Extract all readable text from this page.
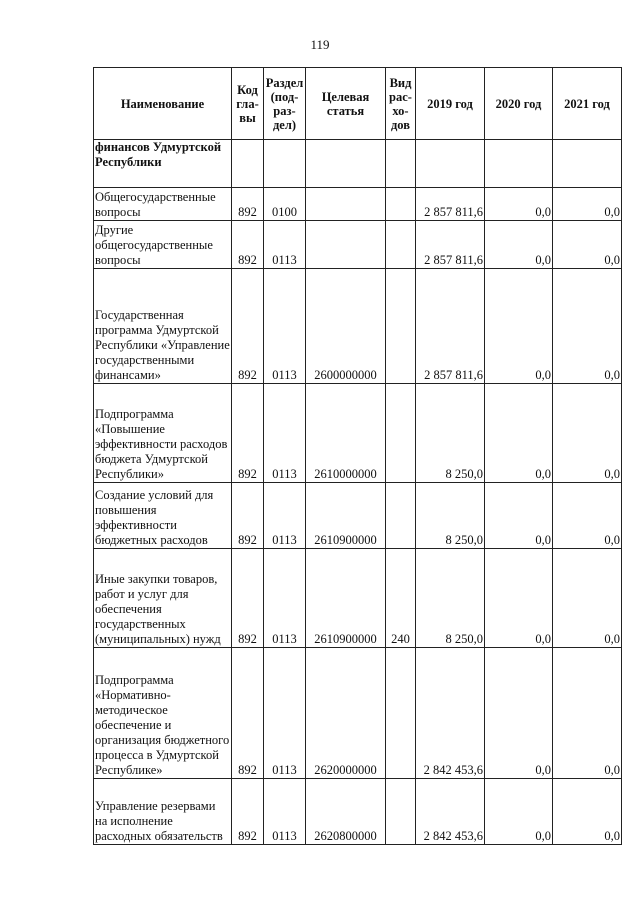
119
Наименование	Код гла- вы	Раздел (под- раз- дел)	Целевая статья	Вид рас- хо- дов	2019 год	2020 год	2021 год
финансов Удмуртской Республики							
Общегосударственные вопросы	892	0100			2 857 811,6	0,0	0,0
Другие общегосударственные вопросы	892	0113			2 857 811,6	0,0	0,0
Государственная программа Удмуртской Республики «Управление государственными финансами»	892	0113	2600000000		2 857 811,6	0,0	0,0
Подпрограмма «Повышение эффективности расходов бюджета Удмуртской Республики»	892	0113	2610000000		8 250,0	0,0	0,0
Создание условий для повышения эффективности бюджетных расходов	892	0113	2610900000		8 250,0	0,0	0,0
Иные закупки товаров, работ и услуг для обеспечения государственных (муниципальных) нужд	892	0113	2610900000	240	8 250,0	0,0	0,0
Подпрограмма «Нормативно-методическое обеспечение и организация бюджетного процесса в Удмуртской Республике»	892	0113	2620000000		2 842 453,6	0,0	0,0
Управление резервами на исполнение расходных обязательств	892	0113	2620800000		2 842 453,6	0,0	0,0
